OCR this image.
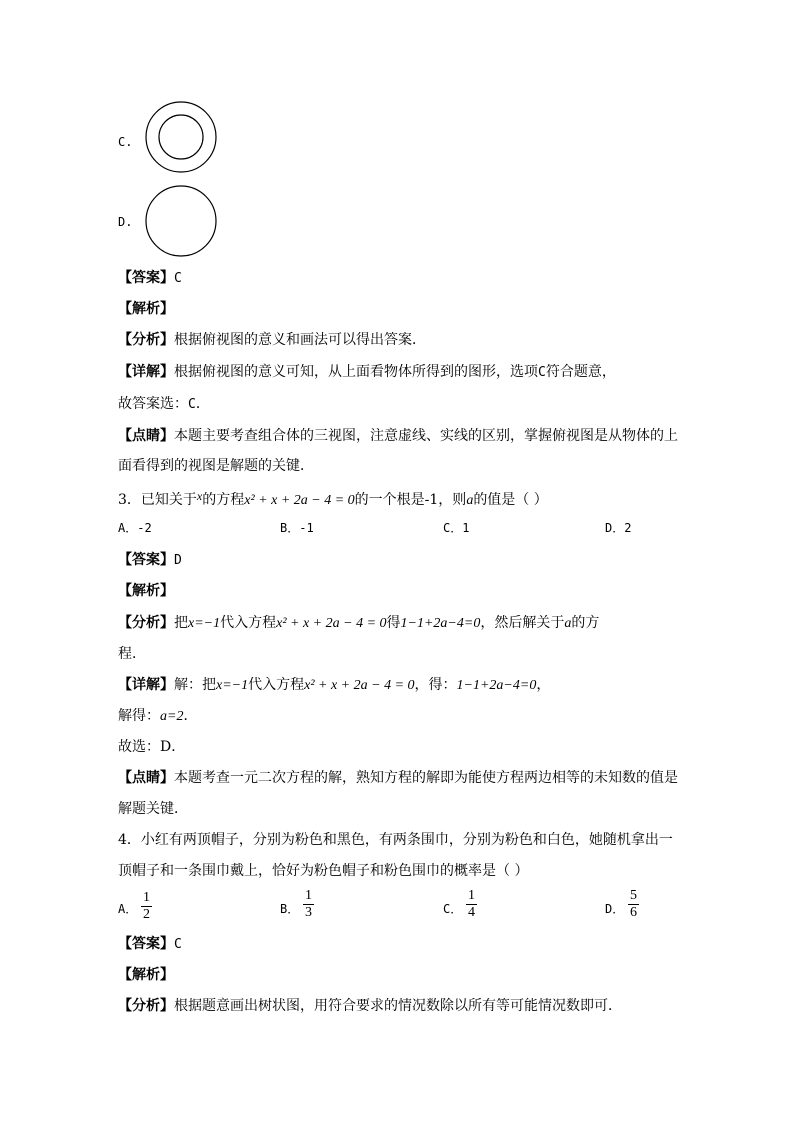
C.
D.
【答案】C
【解析】
【分析】根据俯视图的意义和画法可以得出答案．
【详解】根据俯视图的意义可知，从上面看物体所得到的图形，选项C符合题意，
故答案选：C．
【点睛】本题主要考查组合体的三视图，注意虚线、实线的区别，掌握俯视图是从物体的上
面看得到的视图是解题的关键．
3．已知关于x的方程x² + x + 2a − 4 = 0的一个根是-1，则a的值是（ ）
A．-2	B．-1	C．1	D．2
【答案】D
【解析】
【分析】把x=−1代入方程x² + x + 2a − 4 = 0得1−1+2a−4=0，然后解关于a的方
程．
【详解】解：把x=−1代入方程x² + x + 2a − 4 = 0，得：1−1+2a−4=0，
解得：a=2．
故选：D．
【点睛】本题考查一元二次方程的解，熟知方程的解即为能使方程两边相等的未知数的值是
解题关键．
4．小红有两顶帽子，分别为粉色和黑色，有两条围巾，分别为粉色和白色，她随机拿出一
顶帽子和一条围巾戴上，恰好为粉色帽子和粉色围巾的概率是（ ）
A． $\frac{1}{2}$	B． $\frac{1}{3}$	C． $\frac{1}{4}$	D． $\frac{5}{6}$
【答案】C
【解析】
【分析】根据题意画出树状图，用符合要求的情况数除以所有等可能情况数即可．
